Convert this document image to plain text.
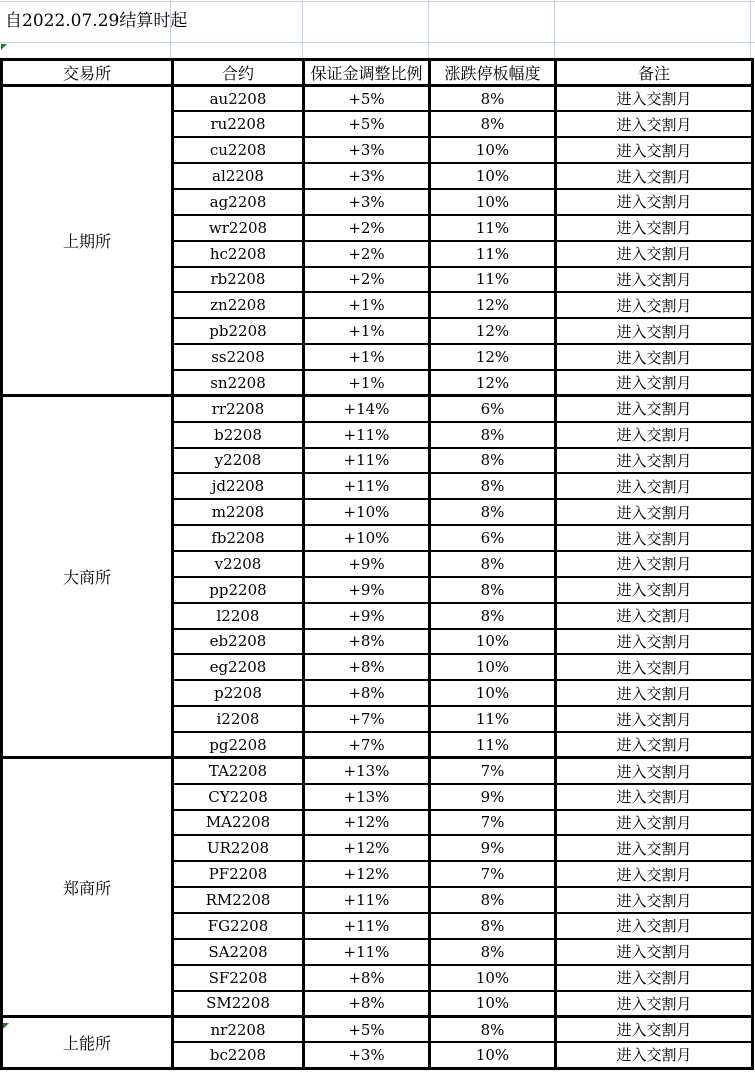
自2022.07.29结算时起
交易所	合约	保证金调整比例	涨跌停板幅度	备注
上期所	au2208	+5%	8%	进入交割月
	ru2208	+5%	8%	进入交割月
	cu2208	+3%	10%	进入交割月
	al2208	+3%	10%	进入交割月
	ag2208	+3%	10%	进入交割月
	wr2208	+2%	11%	进入交割月
	hc2208	+2%	11%	进入交割月
	rb2208	+2%	11%	进入交割月
	zn2208	+1%	12%	进入交割月
	pb2208	+1%	12%	进入交割月
	ss2208	+1%	12%	进入交割月
	sn2208	+1%	12%	进入交割月
大商所	rr2208	+14%	6%	进入交割月
	b2208	+11%	8%	进入交割月
	y2208	+11%	8%	进入交割月
	jd2208	+11%	8%	进入交割月
	m2208	+10%	8%	进入交割月
	fb2208	+10%	6%	进入交割月
	v2208	+9%	8%	进入交割月
	pp2208	+9%	8%	进入交割月
	l2208	+9%	8%	进入交割月
	eb2208	+8%	10%	进入交割月
	eg2208	+8%	10%	进入交割月
	p2208	+8%	10%	进入交割月
	i2208	+7%	11%	进入交割月
	pg2208	+7%	11%	进入交割月
郑商所	TA2208	+13%	7%	进入交割月
	CY2208	+13%	9%	进入交割月
	MA2208	+12%	7%	进入交割月
	UR2208	+12%	9%	进入交割月
	PF2208	+12%	7%	进入交割月
	RM2208	+11%	8%	进入交割月
	FG2208	+11%	8%	进入交割月
	SA2208	+11%	8%	进入交割月
	SF2208	+8%	10%	进入交割月
	SM2208	+8%	10%	进入交割月
上能所	nr2208	+5%	8%	进入交割月
	bc2208	+3%	10%	进入交割月
